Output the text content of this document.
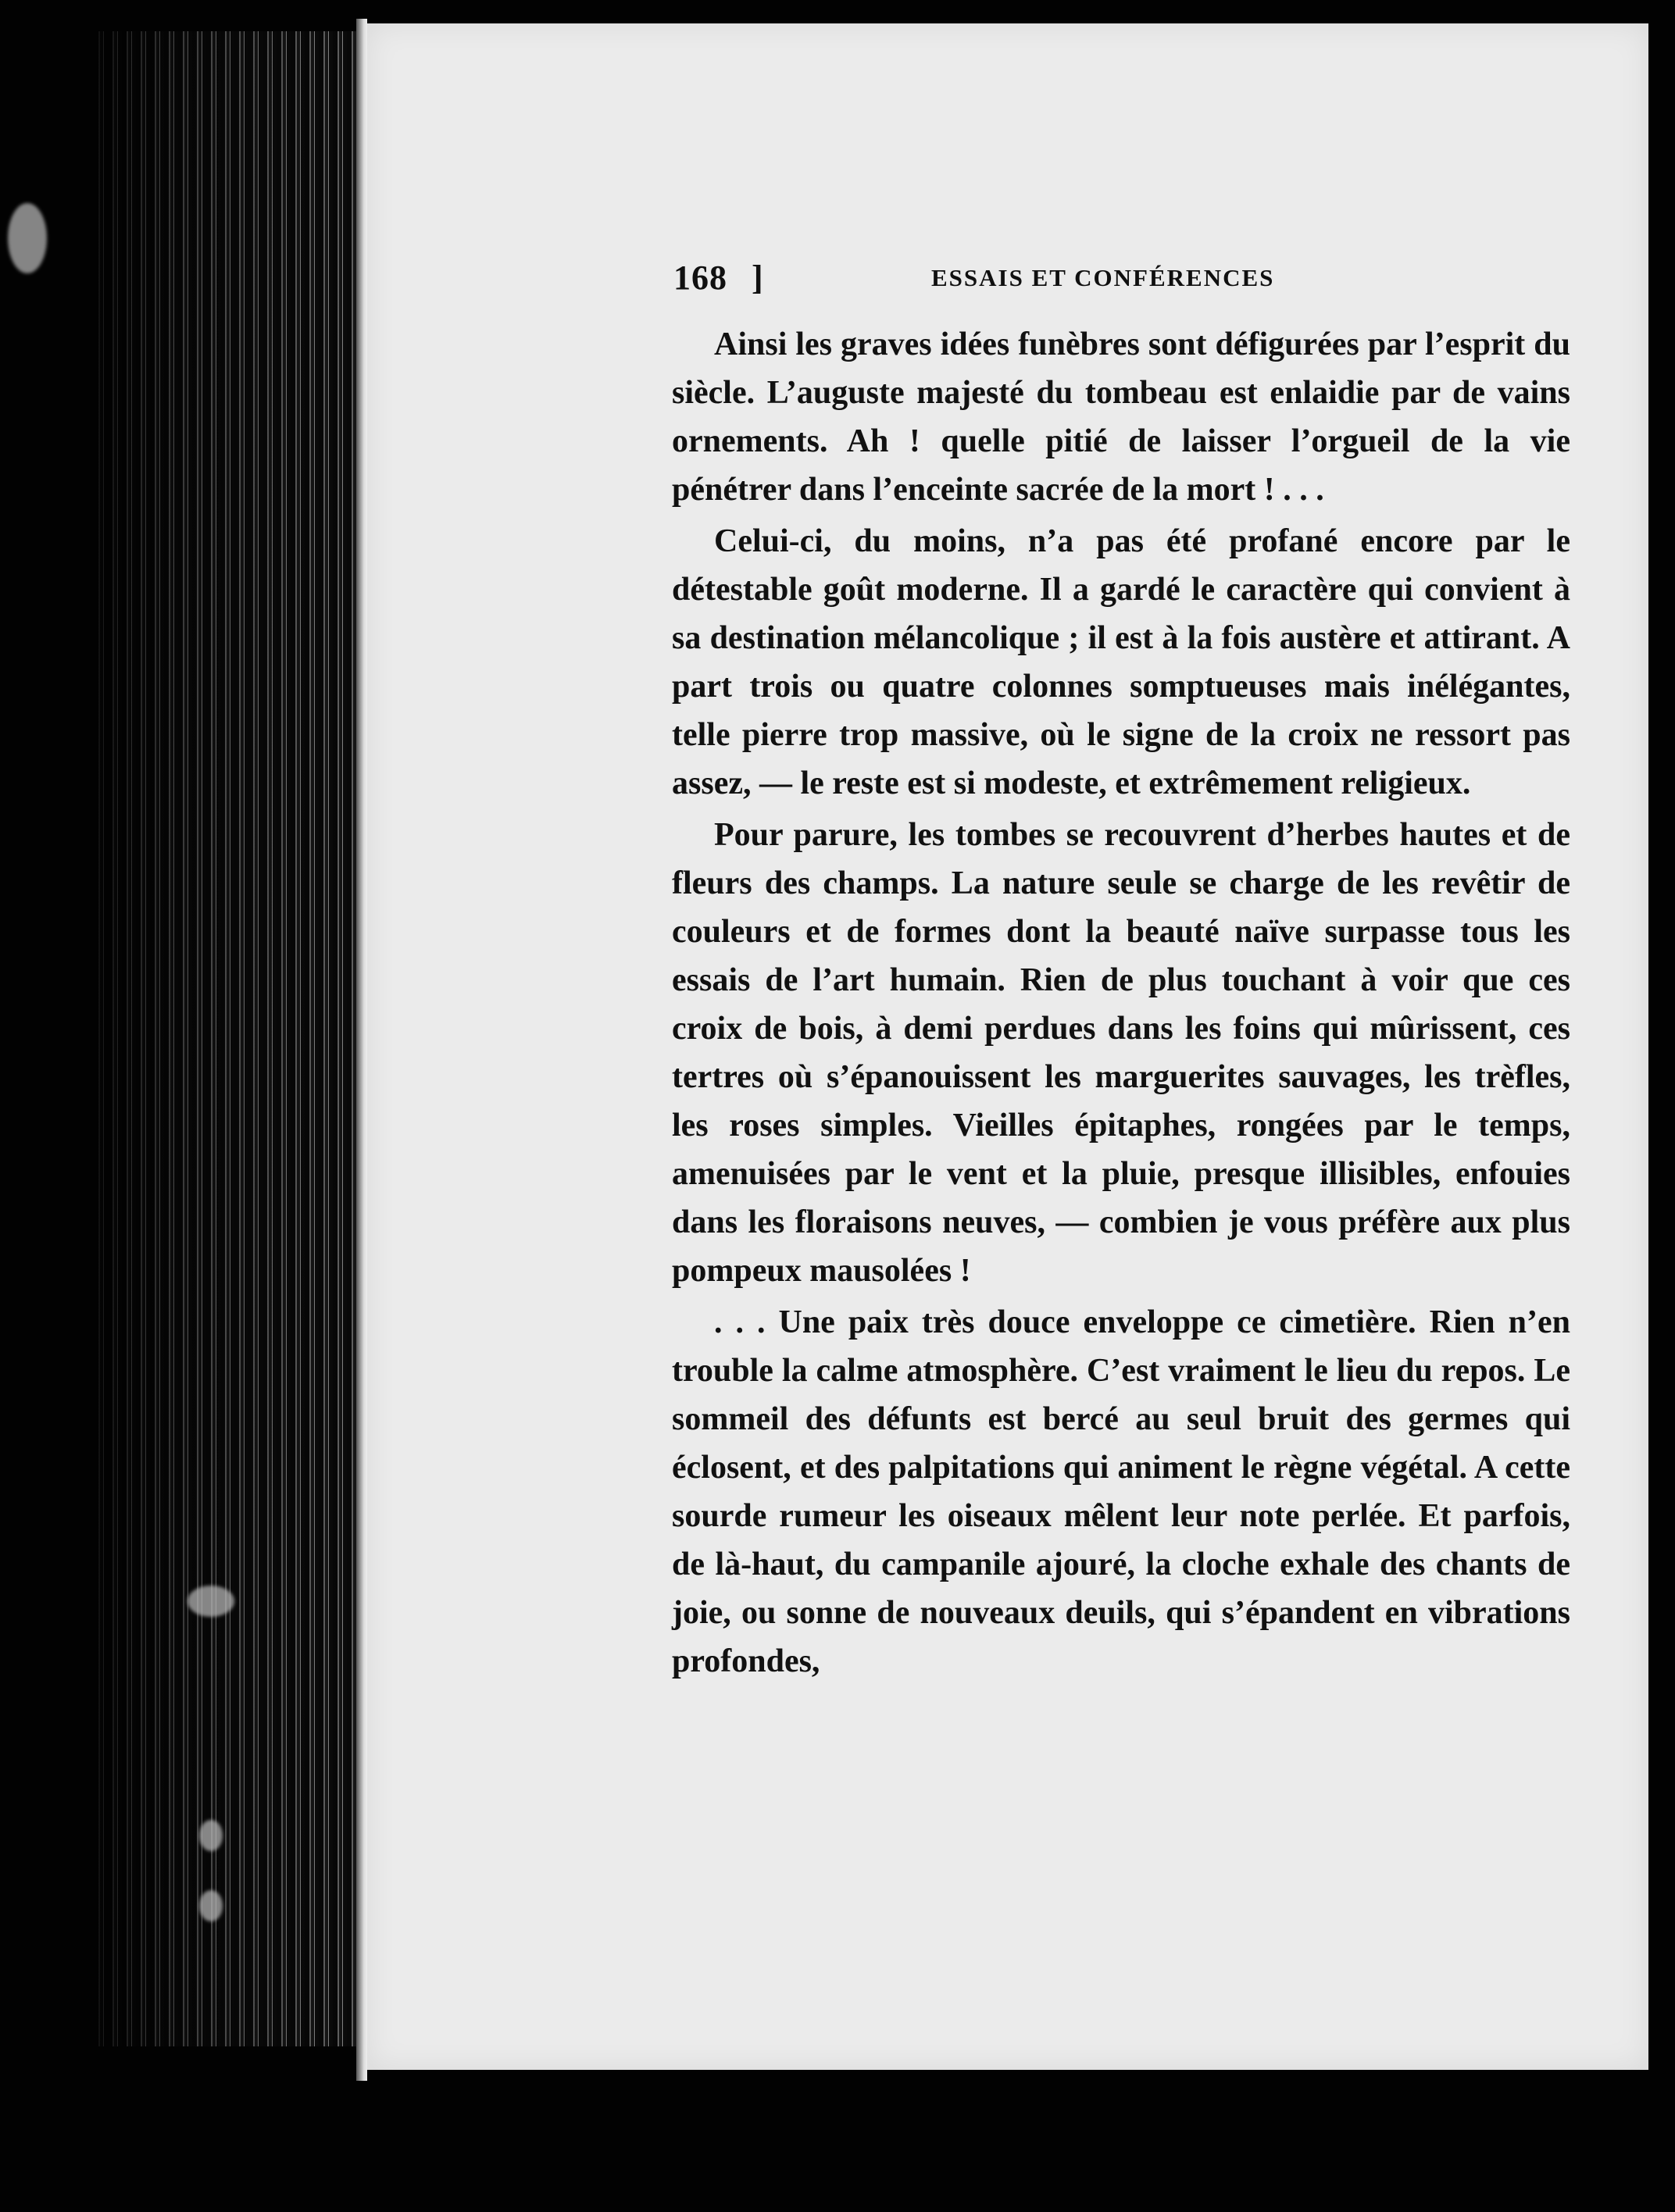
168 ]	ESSAIS ET CONFÉRENCES

Ainsi les graves idées funèbres sont défigurées par l’esprit du siècle. L’auguste majesté du tombeau est enlaidie par de vains ornements. Ah ! quelle pitié de laisser l’orgueil de la vie pénétrer dans l’enceinte sacrée de la mort ! . . .

Celui-ci, du moins, n’a pas été profané encore par le détestable goût moderne. Il a gardé le caractère qui convient à sa destination mélancolique ; il est à la fois austère et attirant. A part trois ou quatre colonnes somptueuses mais inélégantes, telle pierre trop massive, où le signe de la croix ne ressort pas assez, — le reste est si modeste, et extrêmement religieux.

Pour parure, les tombes se recouvrent d’herbes hautes et de fleurs des champs. La nature seule se charge de les revêtir de couleurs et de formes dont la beauté naïve surpasse tous les essais de l’art humain. Rien de plus touchant à voir que ces croix de bois, à demi perdues dans les foins qui mûrissent, ces tertres où s’épanouissent les marguerites sauvages, les trèfles, les roses simples. Vieilles épitaphes, rongées par le temps, amenuisées par le vent et la pluie, presque illisibles, enfouies dans les floraisons neuves, — combien je vous préfère aux plus pompeux mausolées !

. . . Une paix très douce enveloppe ce cimetière. Rien n’en trouble la calme atmosphère. C’est vraiment le lieu du repos. Le sommeil des défunts est bercé au seul bruit des germes qui éclosent, et des palpitations qui animent le règne végétal. A cette sourde rumeur les oiseaux mêlent leur note perlée. Et parfois, de là-haut, du campanile ajouré, la cloche exhale des chants de joie, ou sonne de nouveaux deuils, qui s’épandent en vibrations profondes,
